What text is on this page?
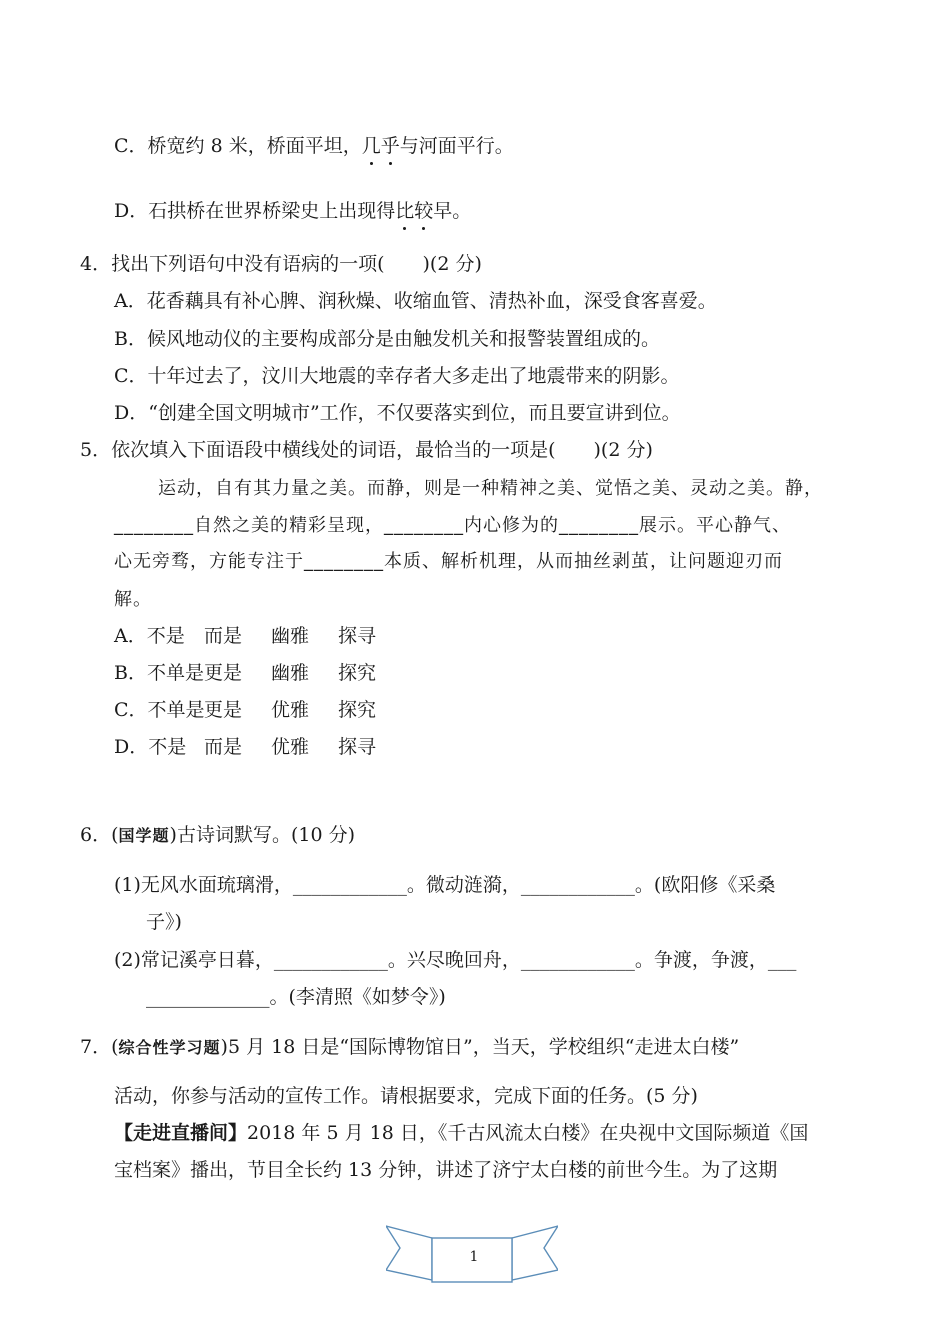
C．桥宽约 8 米，桥面平坦，几乎与河面平行。
D．石拱桥在世界桥梁史上出现得比较早。
4．找出下列语句中没有语病的一项(　　)(2 分)
A．花香藕具有补心脾、润秋燥、收缩血管、清热补血，深受食客喜爱。
B．候风地动仪的主要构成部分是由触发机关和报警装置组成的。
C．十年过去了，汶川大地震的幸存者大多走出了地震带来的阴影。
D．“创建全国文明城市”工作，不仅要落实到位，而且要宣讲到位。
5．依次填入下面语段中横线处的词语，最恰当的一项是(　　)(2 分)
运动，自有其力量之美。而静，则是一种精神之美、觉悟之美、灵动之美。静，
________自然之美的精彩呈现，________内心修为的________展示。平心静气、
心无旁骛，方能专注于________本质、解析机理，从而抽丝剥茧，让问题迎刃而
解。
A．不是 而是 幽雅 探寻
B．不单是更是 幽雅 探究
C．不单是更是 优雅 探究
D．不是 而是 优雅 探寻
6．(国学题)古诗词默写。(10 分)
(1)无风水面琉璃滑，____________。微动涟漪，____________。(欧阳修《采桑
子》)
(2)常记溪亭日暮，____________。兴尽晚回舟，____________。争渡，争渡，___
_____________。(李清照《如梦令》)
7．(综合性学习题)5 月 18 日是“国际博物馆日”，当天，学校组织“走进太白楼”
活动，你参与活动的宣传工作。请根据要求，完成下面的任务。(5 分)
【走进直播间】2018 年 5 月 18 日，《千古风流太白楼》在央视中文国际频道《国
宝档案》播出，节目全长约 13 分钟，讲述了济宁太白楼的前世今生。为了这期
1
